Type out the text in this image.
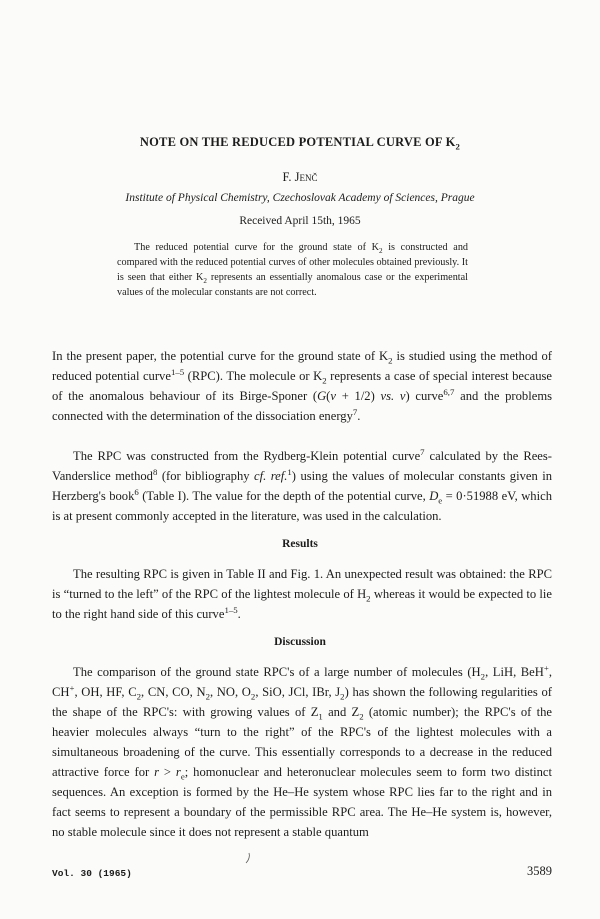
NOTE ON THE REDUCED POTENTIAL CURVE OF $K_2$
F. Jenč
Institute of Physical Chemistry, Czechoslovak Academy of Sciences, Prague
Received April 15th, 1965
The reduced potential curve for the ground state of $K_2$ is constructed and compared with the reduced potential curves of other molecules obtained previously. It is seen that either $K_2$ represents an essentially anomalous case or the experimental values of the molecular constants are not correct.

In the present paper, the potential curve for the ground state of $K_2$ is studied using the method of reduced potential curve$^{1-5}$ (RPC). The molecule or $K_2$ represents a case of special interest because of the anomalous behaviour of its Birge-Sponer (G(v + 1/2) vs. v) curve$^{6,7}$ and the problems connected with the determination of the dissociation energy$^7$.

The RPC was constructed from the Rydberg-Klein potential curve$^7$ calculated by the Rees-Vanderslice method$^8$ (for bibliography cf. ref.$^1$) using the values of molecular constants given in Herzberg's book$^6$ (Table I). The value for the depth of the potential curve, $D_e = 0\cdot 51988$ eV, which is at present commonly accepted in the literature, was used in the calculation.

Results

The resulting RPC is given in Table II and Fig. 1. An unexpected result was obtained: the RPC is “turned to the left” of the RPC of the lightest molecule of $H_2$ whereas it would be expected to lie to the right hand side of this curve$^{1-5}$.

Discussion

The comparison of the ground state RPC's of a large number of molecules ($H_2$, LiH, BeH+, CH+, OH, HF, $C_2$, CN, CO, $N_2$, NO, $O_2$, SiO, JCl, IBr, $J_2$) has shown the following regularities of the shape of the RPC's: with growing values of $Z_1$ and $Z_2$ (atomic number); the RPC's of the heavier molecules always “turn to the right” of the RPC's of the lightest molecules with a simultaneous broadening of the curve. This essentially corresponds to a decrease in the reduced attractive force for $r > r_e$; homonuclear and heteronuclear molecules seem to form two distinct sequences. An exception is formed by the He–He system whose RPC lies far to the right and in fact seems to represent a boundary of the permissible RPC area. The He–He system is, however, no stable molecule since it does not represent a stable quantum

Vol. 30 (1965)	3589
